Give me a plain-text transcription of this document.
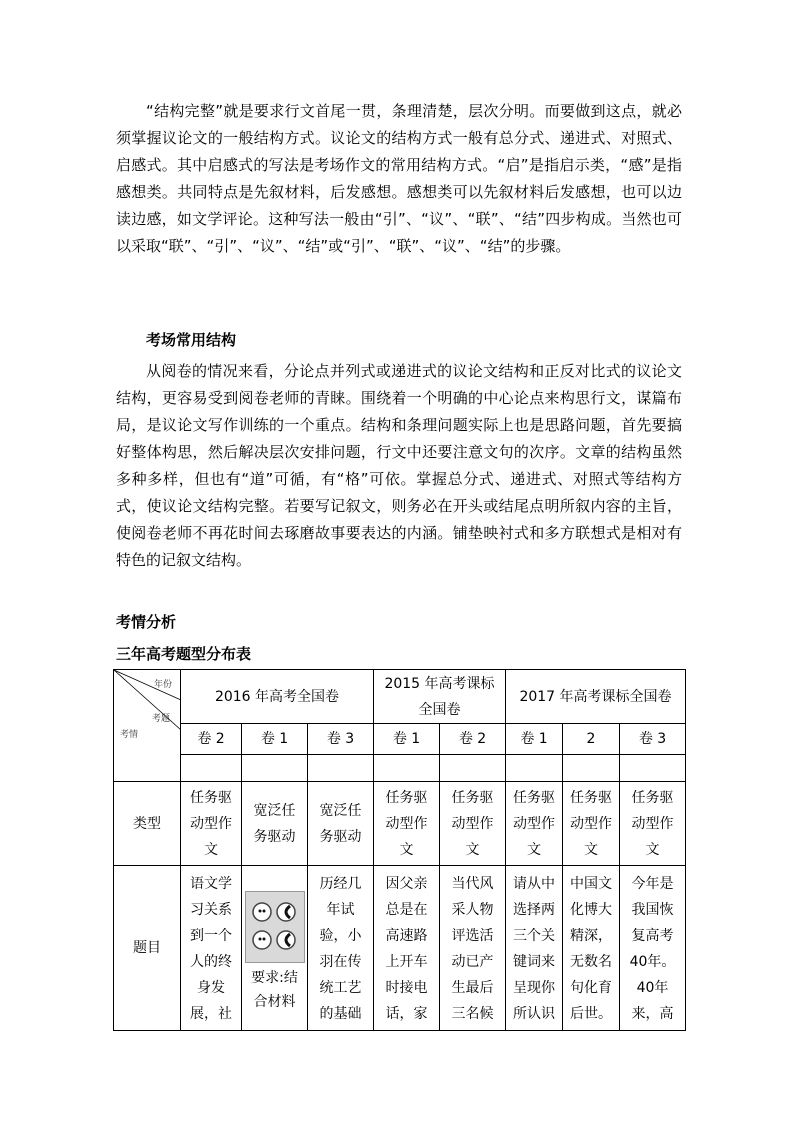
“结构完整”就是要求行文首尾一贯，条理清楚，层次分明。而要做到这点，就必须掌握议论文的一般结构方式。议论文的结构方式一般有总分式、递进式、对照式、启感式。其中启感式的写法是考场作文的常用结构方式。“启”是指启示类，“感”是指感想类。共同特点是先叙材料，后发感想。感想类可以先叙材料后发感想，也可以边读边感，如文学评论。这种写法一般由“引”、“议”、“联”、“结”四步构成。当然也可以采取“联”、“引”、“议”、“结”或“引”、“联”、“议”、“结”的步骤。

考场常用结构

从阅卷的情况来看，分论点并列式或递进式的议论文结构和正反对比式的议论文结构，更容易受到阅卷老师的青睐。围绕着一个明确的中心论点来构思行文，谋篇布局，是议论文写作训练的一个重点。结构和条理问题实际上也是思路问题，首先要搞好整体构思，然后解决层次安排问题，行文中还要注意文句的次序。文章的结构虽然多种多样，但也有“道”可循，有“格”可依。掌握总分式、递进式、对照式等结构方式，使议论文结构完整。若要写记叙文，则务必在开头或结尾点明所叙内容的主旨，使阅卷老师不再花时间去琢磨故事要表达的内涵。铺垫映衬式和多方联想式是相对有特色的记叙文结构。

考情分析

三年高考题型分布表

年份
考题
考情	2016 年高考全国卷			2015 年高考课标全国卷		2017 年高考课标全国卷		

	卷 2	卷 1	卷 3	卷 1	卷 2	卷 1	2	卷 3

类型	任务驱动型作文	宽泛任务驱动	宽泛任务驱动	任务驱动型作文	任务驱动型作文	任务驱动型作文	任务驱动型作文	任务驱动型作文

题目	语文学习关系到一个人的终身发展，社	要求:结合材料	历经几年试验，小羽在传统工艺的基础	因父亲总是在高速路上开车时接电话，家	当代风采人物评选活动已产生最后三名候	请从中选择两三个关键词来呈现你所认识	中国文化博大精深，无数名句化育后世。	今年是我国恢复高考40年。40年来，高
